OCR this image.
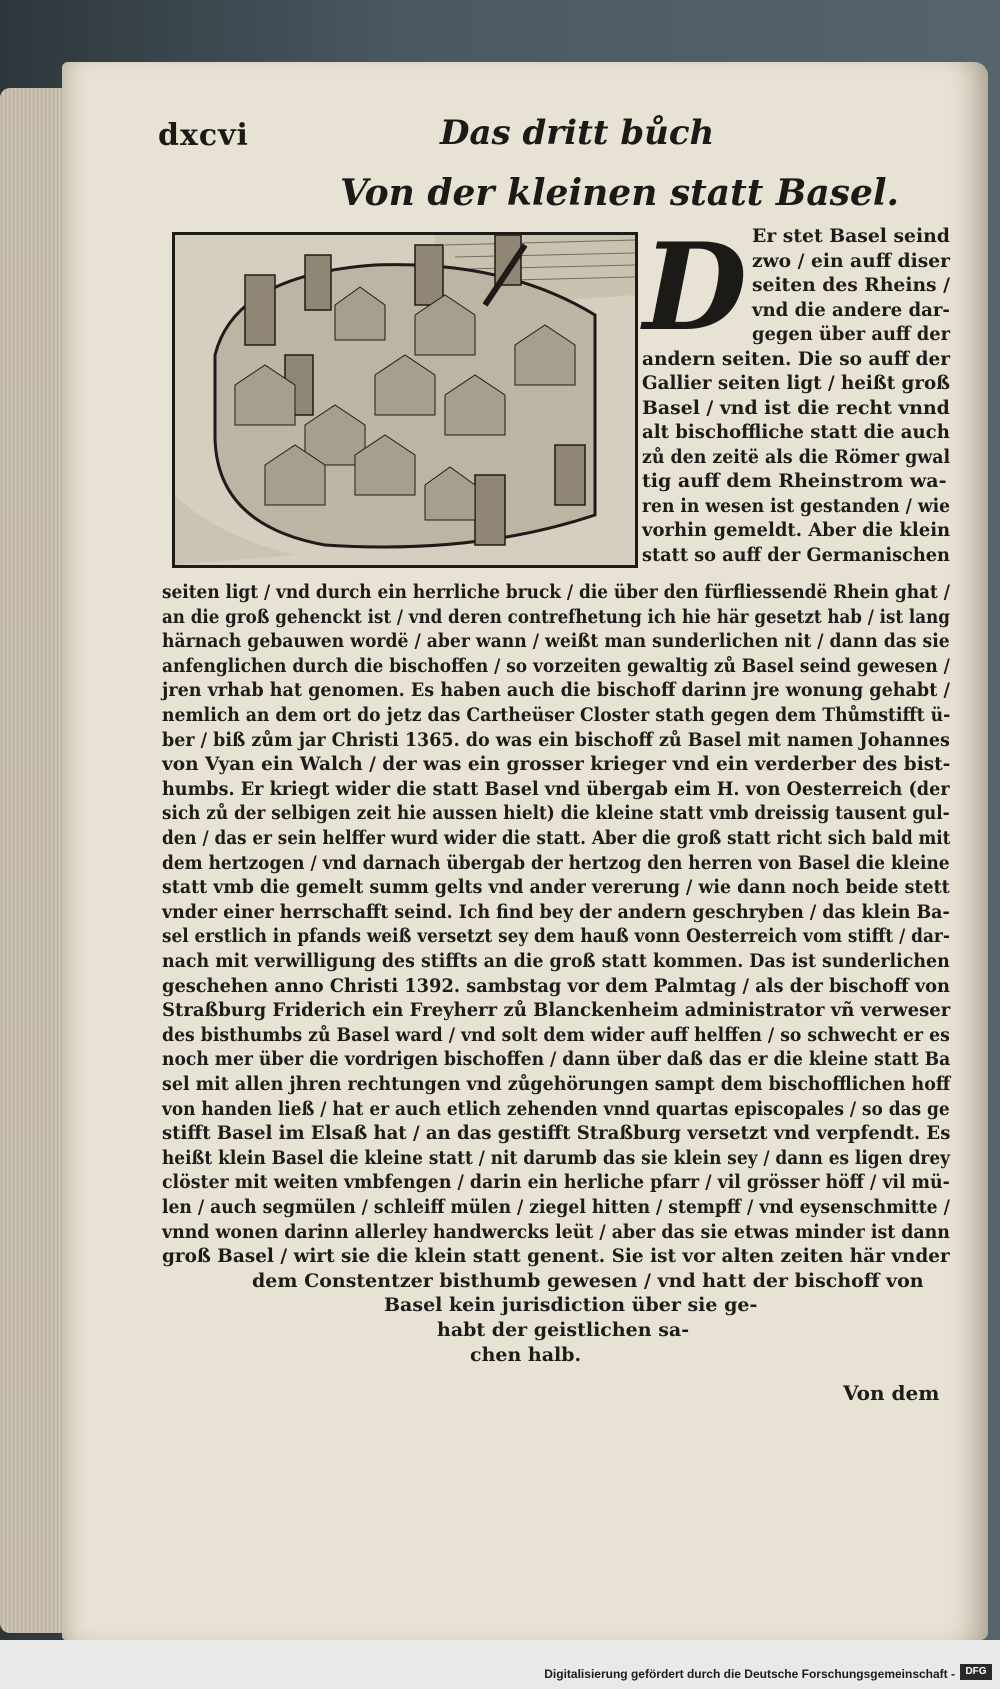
dxcvi	Das dritt bůch
Von der kleinen statt Basel.
D Er stet Basel seind
zwo / ein auff diser
seiten des Rheins /
vnd die andere dar-
gegen über auff der
andern seiten. Die so auff der
Gallier seiten ligt / heißt groß
Basel / vnd ist die recht vnnd
alt bischoffliche statt die auch
zů den zeitë als die Römer gwal
tig auff dem Rheinstrom wa-
ren in wesen ist gestanden / wie
vorhin gemeldt. Aber die klein
statt so auff der Germanischen
seiten ligt / vnd durch ein herrliche bruck / die über den fürfliessendë Rhein ghat /
an die groß gehenckt ist / vnd deren contrefhetung ich hie här gesetzt hab / ist lang
härnach gebauwen wordë / aber wann / weißt man sunderlichen nit / dann das sie
anfenglichen durch die bischoffen / so vorzeiten gewaltig zů Basel seind gewesen /
jren vrhab hat genomen. Es haben auch die bischoff darinn jre wonung gehabt /
nemlich an dem ort do jetz das Cartheüser Closter stath gegen dem Thůmstifft ü-
ber / biß zům jar Christi 1365. do was ein bischoff zů Basel mit namen Johannes
von Vyan ein Walch / der was ein grosser krieger vnd ein verderber des bist-
humbs. Er kriegt wider die statt Basel vnd übergab eim H. von Oesterreich (der
sich zů der selbigen zeit hie aussen hielt) die kleine statt vmb dreissig tausent gul-
den / das er sein helffer wurd wider die statt. Aber die groß statt richt sich bald mit
dem hertzogen / vnd darnach übergab der hertzog den herren von Basel die kleine
statt vmb die gemelt summ gelts vnd ander vererung / wie dann noch beide stett
vnder einer herrschafft seind. Ich find bey der andern geschryben / das klein Ba-
sel erstlich in pfands weiß versetzt sey dem hauß vonn Oesterreich vom stifft / dar-
nach mit verwilligung des stiffts an die groß statt kommen. Das ist sunderlichen
geschehen anno Christi 1392. sambstag vor dem Palmtag / als der bischoff von
Straßburg Friderich ein Freyherr zů Blanckenheim administrator vñ verweser
des bisthumbs zů Basel ward / vnd solt dem wider auff helffen / so schwecht er es
noch mer über die vordrigen bischoffen / dann über daß das er die kleine statt Ba
sel mit allen jhren rechtungen vnd zůgehörungen sampt dem bischofflichen hoff
von handen ließ / hat er auch etlich zehenden vnnd quartas episcopales / so das ge
stifft Basel im Elsaß hat / an das gestifft Straßburg versetzt vnd verpfendt. Es
heißt klein Basel die kleine statt / nit darumb das sie klein sey / dann es ligen drey
clöster mit weiten vmbfengen / darin ein herliche pfarr / vil grösser höff / vil mü-
len / auch segmülen / schleiff mülen / ziegel hitten / stempff / vnd eysenschmitte /
vnnd wonen darinn allerley handwercks leüt / aber das sie etwas minder ist dann
groß Basel / wirt sie die klein statt genent. Sie ist vor alten zeiten här vnder
dem Constentzer bisthumb gewesen / vnd hatt der bischoff von
Basel kein jurisdiction über sie ge-
habt der geistlichen sa-
chen halb.
Von dem
Digitalisierung gefördert durch die Deutsche Forschungsgemeinschaft -	DFG
